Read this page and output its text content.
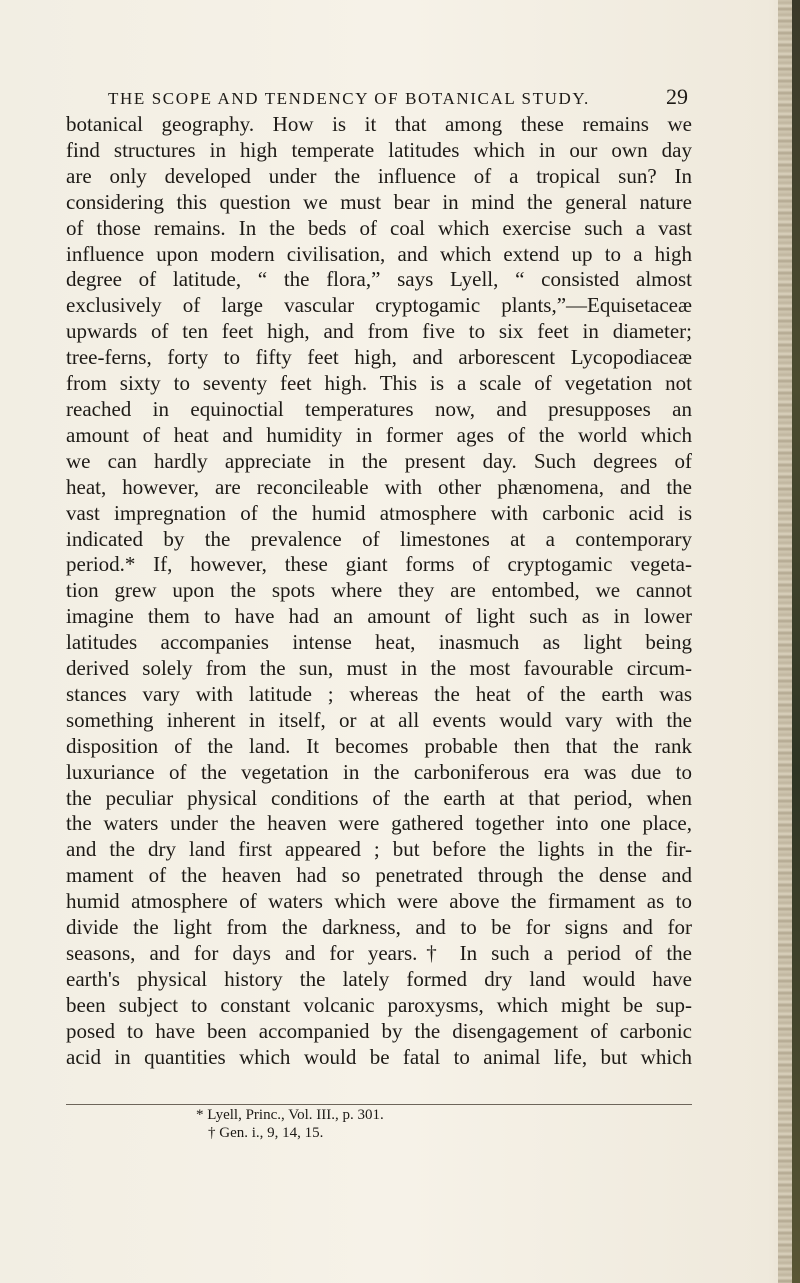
THE SCOPE AND TENDENCY OF BOTANICAL STUDY.	29
botanical geography. How is it that among these remains we
find structures in high temperate latitudes which in our own day
are only developed under the influence of a tropical sun? In
considering this question we must bear in mind the general nature
of those remains. In the beds of coal which exercise such a vast
influence upon modern civilisation, and which extend up to a high
degree of latitude, “ the flora,” says Lyell, “ consisted almost
exclusively of large vascular cryptogamic plants,”—Equisetaceæ
upwards of ten feet high, and from five to six feet in diameter;
tree-ferns, forty to fifty feet high, and arborescent Lycopodiaceæ
from sixty to seventy feet high. This is a scale of vegetation not
reached in equinoctial temperatures now, and presupposes an
amount of heat and humidity in former ages of the world which
we can hardly appreciate in the present day. Such degrees of
heat, however, are reconcileable with other phænomena, and the
vast impregnation of the humid atmosphere with carbonic acid is
indicated by the prevalence of limestones at a contemporary
period.* If, however, these giant forms of cryptogamic vegeta-
tion grew upon the spots where they are entombed, we cannot
imagine them to have had an amount of light such as in lower
latitudes accompanies intense heat, inasmuch as light being
derived solely from the sun, must in the most favourable circum-
stances vary with latitude ; whereas the heat of the earth was
something inherent in itself, or at all events would vary with the
disposition of the land. It becomes probable then that the rank
luxuriance of the vegetation in the carboniferous era was due to
the peculiar physical conditions of the earth at that period, when
the waters under the heaven were gathered together into one place,
and the dry land first appeared ; but before the lights in the fir-
mament of the heaven had so penetrated through the dense and
humid atmosphere of waters which were above the firmament as to
divide the light from the darkness, and to be for signs and for
seasons, and for days and for years.† In such a period of the
earth's physical history the lately formed dry land would have
been subject to constant volcanic paroxysms, which might be sup-
posed to have been accompanied by the disengagement of carbonic
acid in quantities which would be fatal to animal life, but which
* Lyell, Princ., Vol. III., p. 301.
† Gen. i., 9, 14, 15.
